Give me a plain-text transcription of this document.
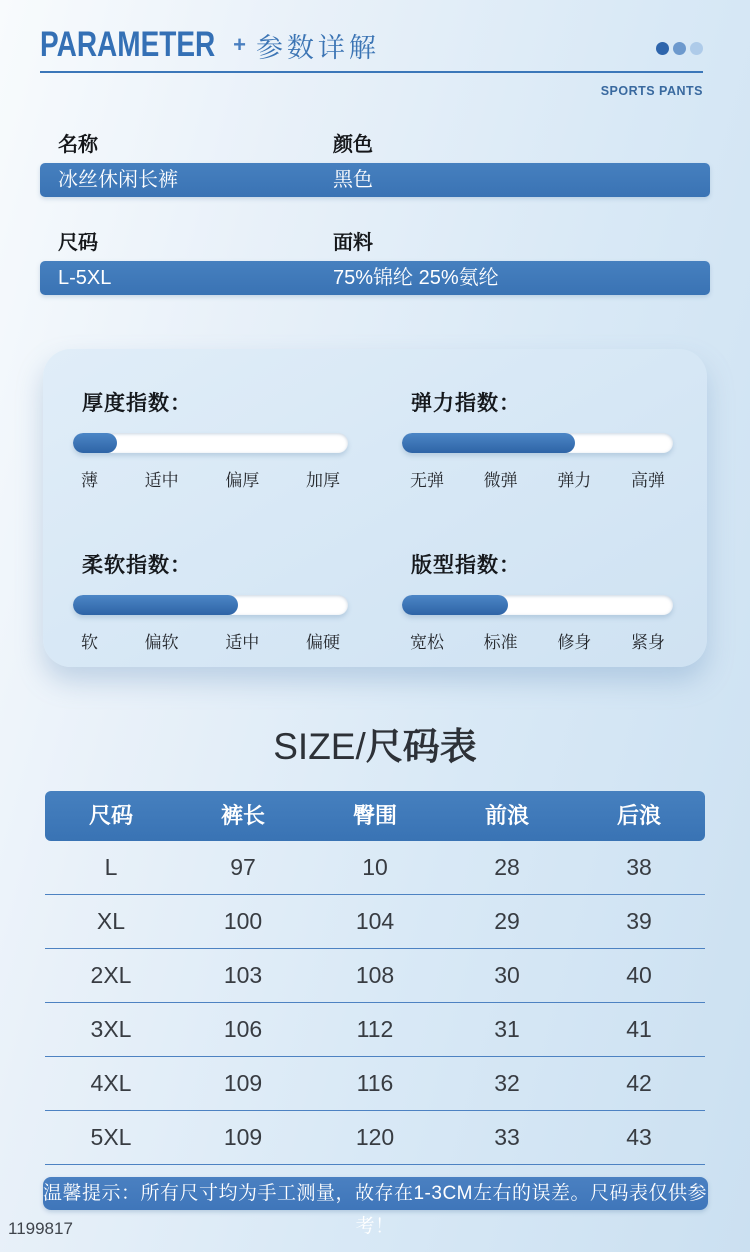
PARAMETER + 参数详解
SPORTS PANTS
名称	颜色
冰丝休闲长裤	黑色
尺码	面料
L-5XL	75%锦纶 25%氨纶
厚度指数：
薄	适中	偏厚	加厚
弹力指数：
无弹 微弹 弹力 高弹
柔软指数：
软	偏软	适中	偏硬
版型指数：
宽松 标准 修身 紧身
SIZE/尺码表
尺码	裤长	臀围	前浪	后浪
L	97	10	28	38
XL	100	104	29	39
2XL	103	108	30	40
3XL	106	112	31	41
4XL	109	116	32	42
5XL	109	120	33	43
温馨提示：所有尺寸均为手工测量，故存在1-3CM左右的误差。尺码表仅供参考！
1199817
